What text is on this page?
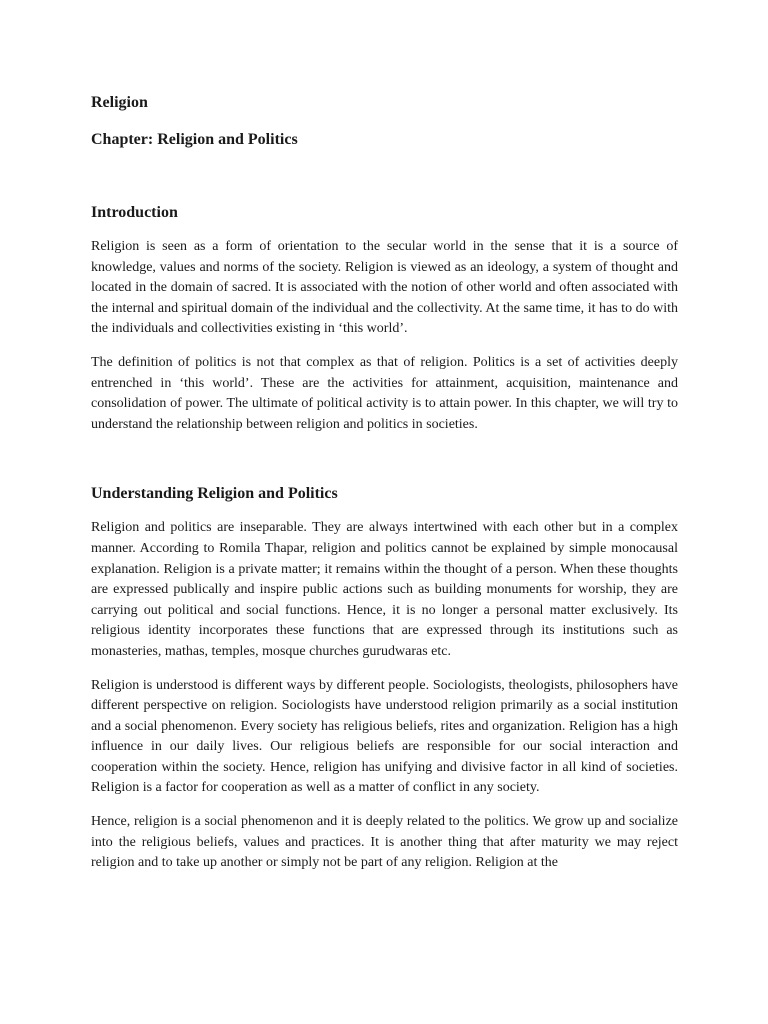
Religion
Chapter: Religion and Politics
Introduction

Religion is seen as a form of orientation to the secular world in the sense that it is a source of knowledge, values and norms of the society. Religion is viewed as an ideology, a system of thought and located in the domain of sacred. It is associated with the notion of other world and often associated with the internal and spiritual domain of the individual and the collectivity. At the same time, it has to do with the individuals and collectivities existing in ‘this world’.

The definition of politics is not that complex as that of religion. Politics is a set of activities deeply entrenched in ‘this world’. These are the activities for attainment, acquisition, maintenance and consolidation of power. The ultimate of political activity is to attain power. In this chapter, we will try to understand the relationship between religion and politics in societies.

Understanding Religion and Politics

Religion and politics are inseparable. They are always intertwined with each other but in a complex manner. According to Romila Thapar, religion and politics cannot be explained by simple monocausal explanation. Religion is a private matter; it remains within the thought of a person. When these thoughts are expressed publically and inspire public actions such as building monuments for worship, they are carrying out political and social functions. Hence, it is no longer a personal matter exclusively. Its religious identity incorporates these functions that are expressed through its institutions such as monasteries, mathas, temples, mosque churches gurudwaras etc.

Religion is understood is different ways by different people. Sociologists, theologists, philosophers have different perspective on religion. Sociologists have understood religion primarily as a social institution and a social phenomenon. Every society has religious beliefs, rites and organization. Religion has a high influence in our daily lives. Our religious beliefs are responsible for our social interaction and cooperation within the society. Hence, religion has unifying and divisive factor in all kind of societies. Religion is a factor for cooperation as well as a matter of conflict in any society.

Hence, religion is a social phenomenon and it is deeply related to the politics. We grow up and socialize into the religious beliefs, values and practices. It is another thing that after maturity we may reject religion and to take up another or simply not be part of any religion. Religion at the
